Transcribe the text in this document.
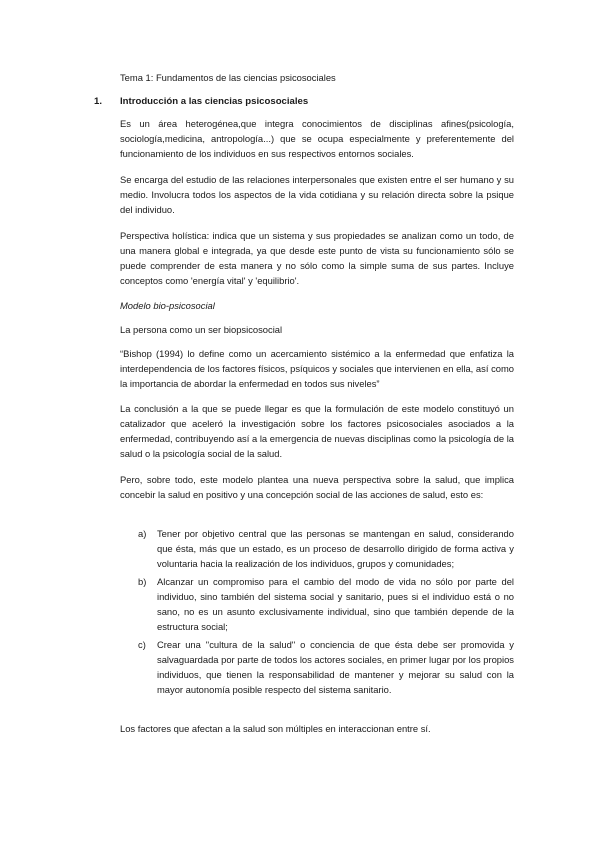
Tema 1: Fundamentos de las ciencias psicosociales
1. Introducción a las ciencias psicosociales
Es un área heterogénea,que integra conocimientos de disciplinas afines(psicología, sociología,medicina, antropología...) que se ocupa especialmente y preferentemente del funcionamiento de los individuos en sus respectivos entornos sociales.
Se encarga del estudio de las relaciones interpersonales que existen entre el ser humano y su medio. Involucra todos los aspectos de la vida cotidiana y su relación directa sobre la psique del individuo.
Perspectiva holística: indica que un sistema y sus propiedades se analizan como un todo, de una manera global e integrada, ya que desde este punto de vista su funcionamiento sólo se puede comprender de esta manera y no sólo como la simple suma de sus partes. Incluye conceptos como 'energía vital' y 'equilibrio'.
Modelo bio-psicosocial
La persona como un ser biopsicosocial
“Bishop (1994) lo define como un acercamiento sistémico a la enfermedad que enfatiza la interdependencia de los factores físicos, psíquicos y sociales que intervienen en ella, así como la importancia de abordar la enfermedad en todos sus niveles”
La conclusión a la que se puede llegar es que la formulación de este modelo constituyó un catalizador que aceleró la investigación sobre los factores psicosociales asociados a la enfermedad, contribuyendo así a la emergencia de nuevas disciplinas como la psicología de la salud o la psicología social de la salud.
Pero, sobre todo, este modelo plantea una nueva perspectiva sobre la salud, que implica concebir la salud en positivo y una concepción social de las acciones de salud, esto es:
a) Tener por objetivo central que las personas se mantengan en salud, considerando que ésta, más que un estado, es un proceso de desarrollo dirigido de forma activa y voluntaria hacia la realización de los individuos, grupos y comunidades;
b) Alcanzar un compromiso para el cambio del modo de vida no sólo por parte del individuo, sino también del sistema social y sanitario, pues si el individuo está o no sano, no es un asunto exclusivamente individual, sino que también depende de la estructura social;
c) Crear una ''cultura de la salud'' o conciencia de que ésta debe ser promovida y salvaguardada por parte de todos los actores sociales, en primer lugar por los propios individuos, que tienen la responsabilidad de mantener y mejorar su salud con la mayor autonomía posible respecto del sistema sanitario.
Los factores que afectan a la salud son múltiples en interaccionan entre sí.
